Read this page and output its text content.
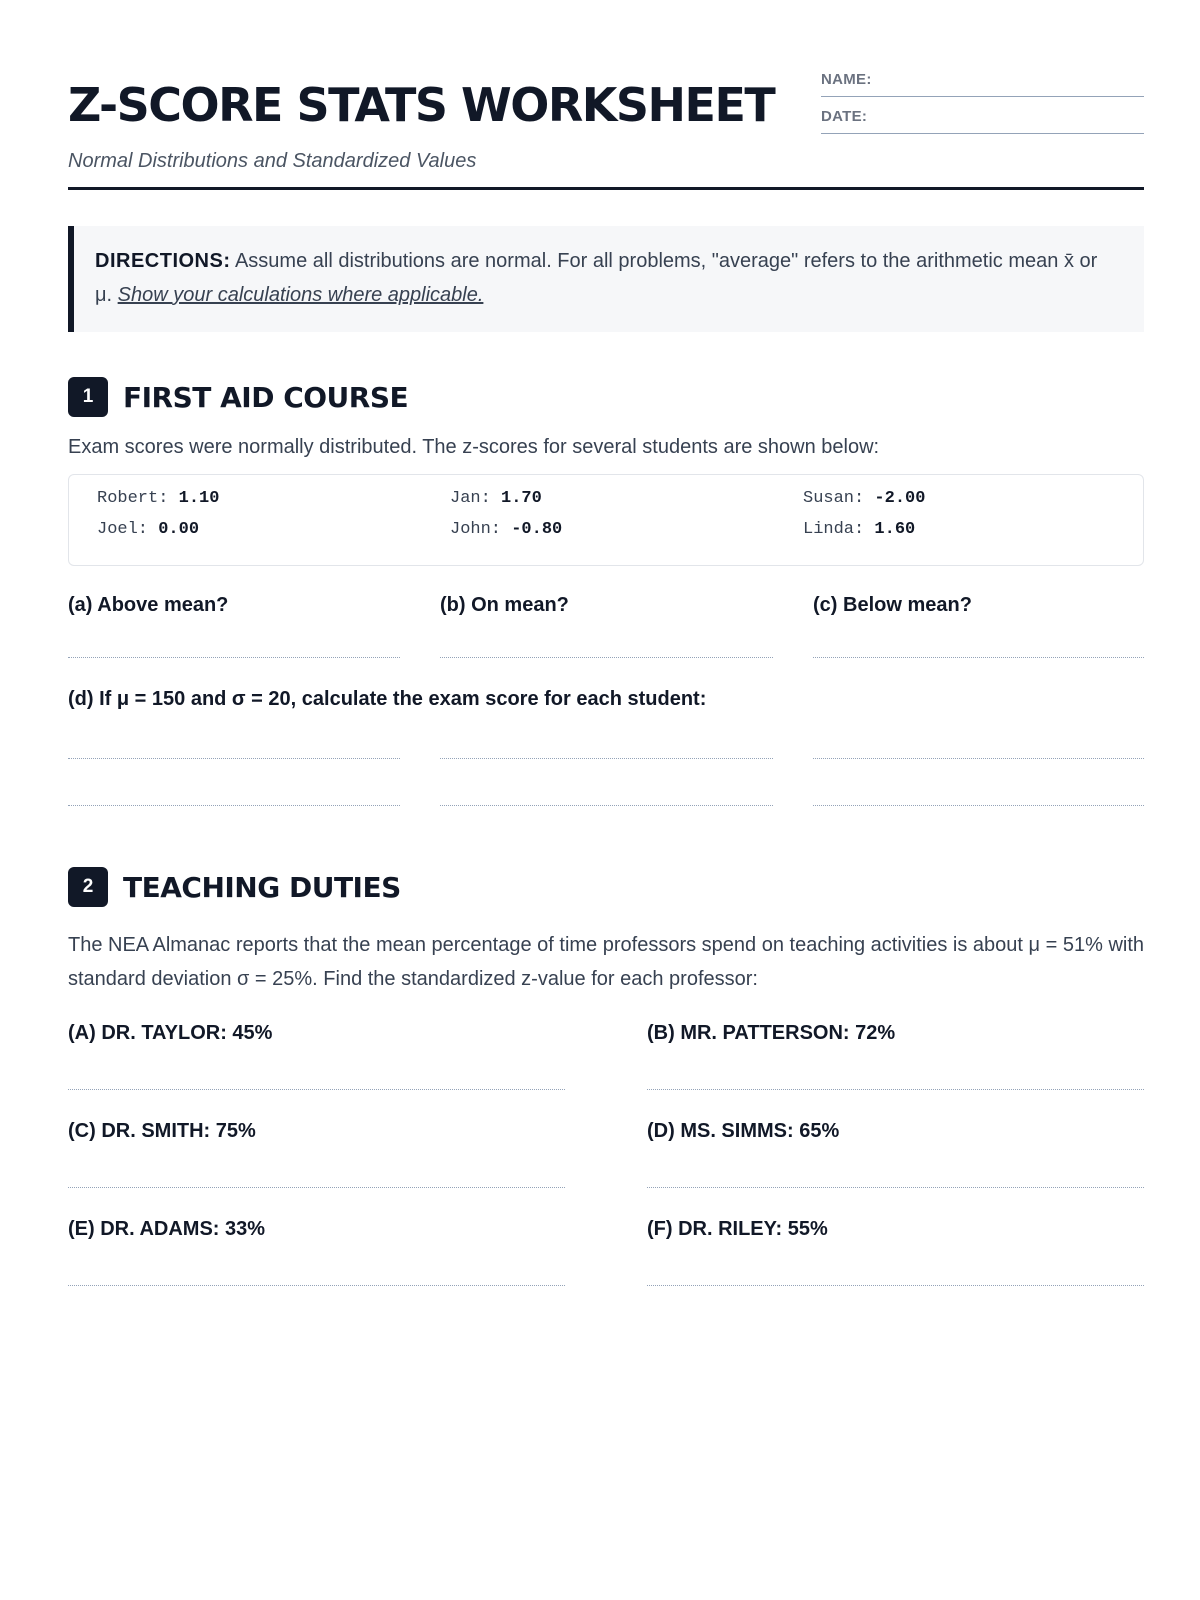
Z-SCORE STATS WORKSHEET
Normal Distributions and Standardized Values
NAME:
DATE:
DIRECTIONS: Assume all distributions are normal. For all problems, "average" refers to the arithmetic mean x̄ or μ. Show your calculations where applicable.
1	FIRST AID COURSE
Exam scores were normally distributed. The z-scores for several students are shown below:
Robert: 1.10	Jan: 1.70	Susan: -2.00
Joel: 0.00	John: -0.80	Linda: 1.60
(a) Above mean?	(b) On mean?	(c) Below mean?
(d) If μ = 150 and σ = 20, calculate the exam score for each student:
2	TEACHING DUTIES
The NEA Almanac reports that the mean percentage of time professors spend on teaching activities is about μ = 51% with standard deviation σ = 25%. Find the standardized z-value for each professor:
(A) DR. TAYLOR: 45%	(B) MR. PATTERSON: 72%
(C) DR. SMITH: 75%	(D) MS. SIMMS: 65%
(E) DR. ADAMS: 33%	(F) DR. RILEY: 55%
